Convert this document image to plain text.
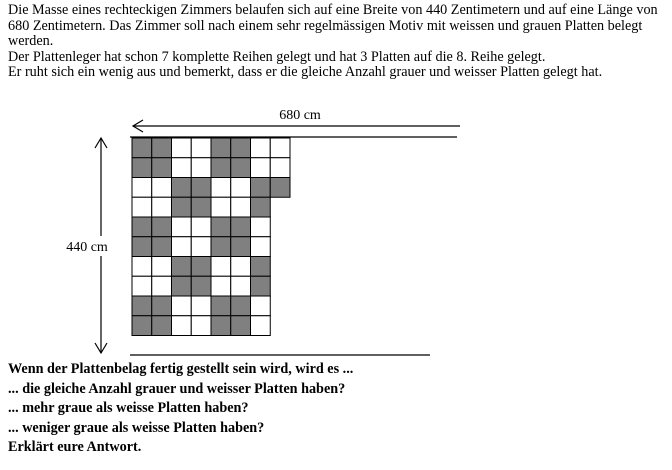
Die Masse eines rechteckigen Zimmers belaufen sich auf eine Breite von 440 Zentimetern und auf eine Länge von 680 Zentimetern. Das Zimmer soll nach einem sehr regelmässigen Motiv mit weissen und grauen Platten belegt werden.

Der Plattenleger hat schon 7 komplette Reihen gelegt und hat 3 Platten auf die 8. Reihe gelegt.

Er ruht sich ein wenig aus und bemerkt, dass er die gleiche Anzahl grauer und weisser Platten gelegt hat.

680 cm
440 cm

Wenn der Plattenbelag fertig gestellt sein wird, wird es ...

... die gleiche Anzahl grauer und weisser Platten haben?

... mehr graue als weisse Platten haben?

... weniger graue als weisse Platten haben?

Erklärt eure Antwort.
